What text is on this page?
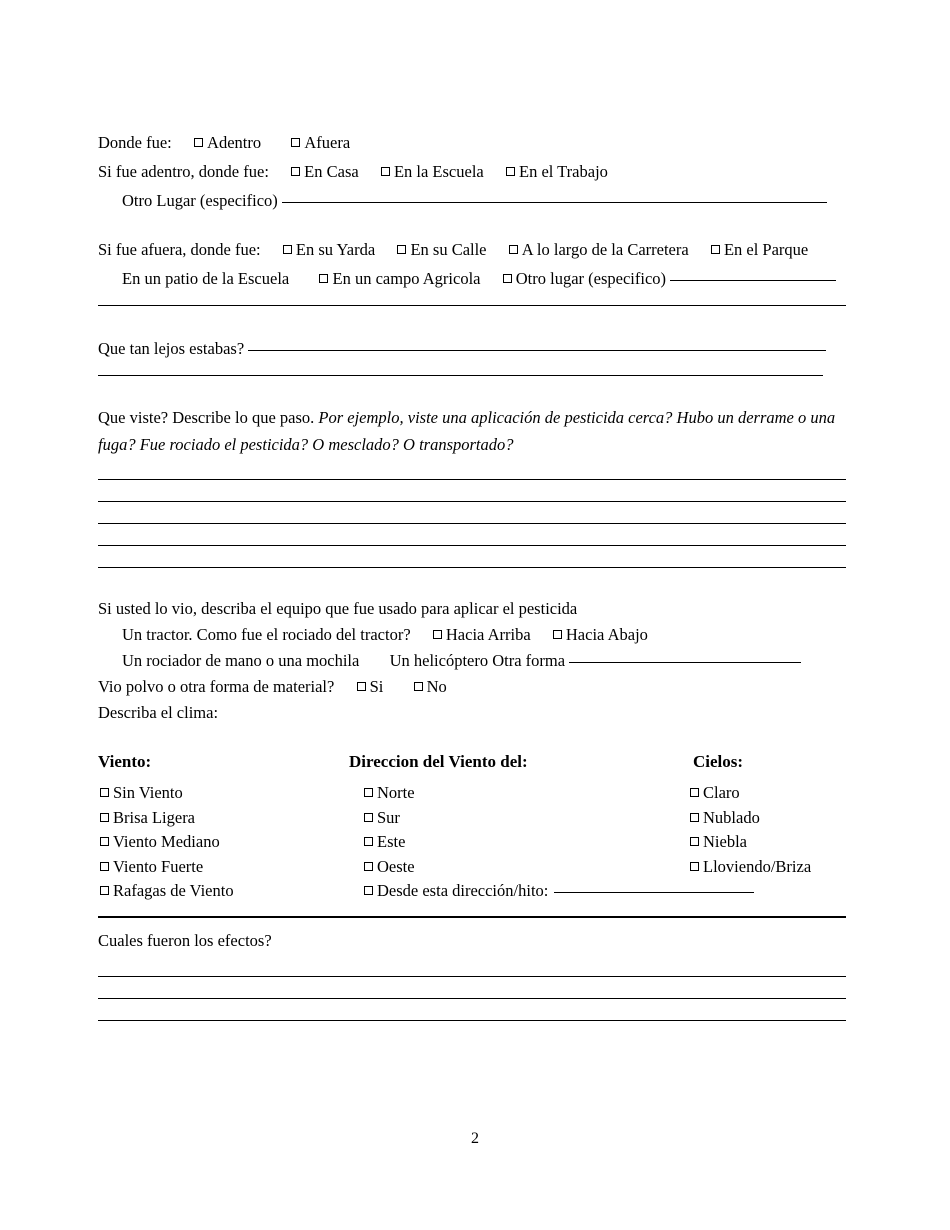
Donde fue: Adentro	Afuera
Si fue adentro, donde fue: En Casa En la Escuela En el Trabajo
Otro Lugar (especifico)
Si fue afuera, donde fue: En su Yarda En su Calle A lo largo de la Carretera En el Parque
En un patio de la Escuela	En un campo Agricola Otro lugar (especifico)
Que tan lejos estabas?
Que viste? Describe lo que paso. Por ejemplo, viste una aplicación de pesticida cerca? Hubo un derrame o una fuga? Fue rociado el pesticida? O mesclado? O transportado?
Si usted lo vio, describa el equipo que fue usado para aplicar el pesticida
Un tractor. Como fue el rociado del tractor? Hacia Arriba Hacia Abajo
Un rociador de mano o una mochila Un helicóptero Otra forma
Vio polvo o otra forma de material? Si	No
Describa el clima:
Viento:	Direccion del Viento del:	Cielos:
Sin Viento	Norte	Claro
Brisa Ligera	Sur	Nublado
Viento Mediano	Este	Niebla
Viento Fuerte	Oeste	Lloviendo/Briza
Rafagas de Viento	Desde esta dirección/hito:
Cuales fueron los efectos?
2
